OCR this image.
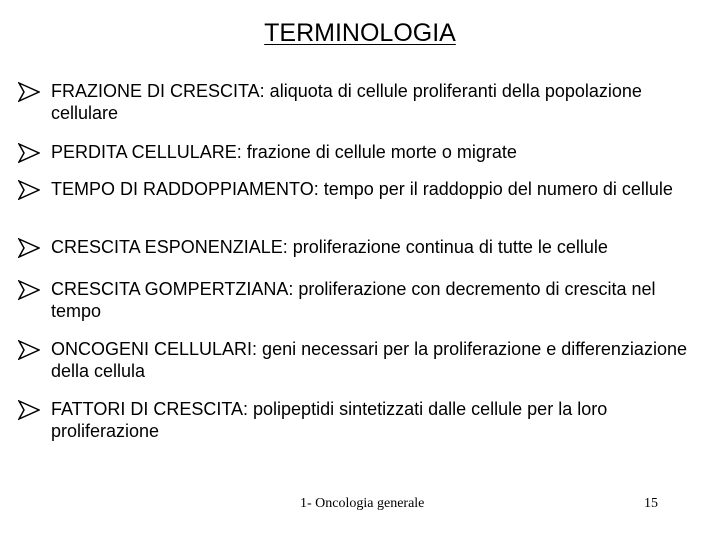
TERMINOLOGIA
FRAZIONE DI CRESCITA: aliquota di cellule proliferanti della popolazione cellulare
PERDITA CELLULARE: frazione di cellule morte o migrate
TEMPO DI RADDOPPIAMENTO: tempo per il raddoppio del numero di cellule
CRESCITA ESPONENZIALE: proliferazione continua di tutte le cellule
CRESCITA GOMPERTZIANA: proliferazione con decremento di crescita nel tempo
ONCOGENI CELLULARI: geni necessari per la proliferazione e differenziazione della cellula
FATTORI DI CRESCITA: polipeptidi sintetizzati dalle cellule per la loro proliferazione
1- Oncologia generale	15
